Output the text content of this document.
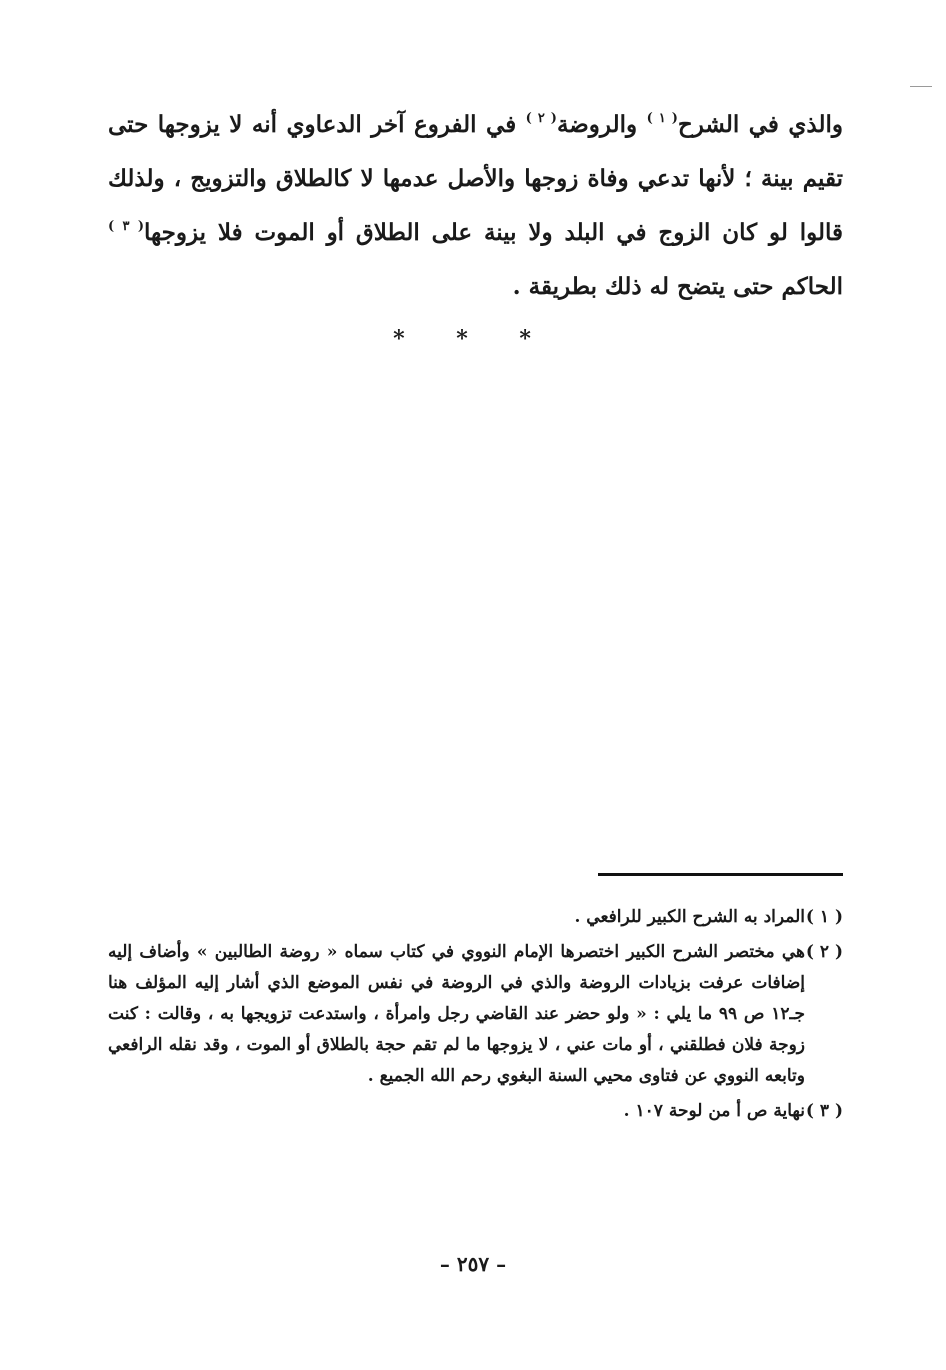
والذي في الشرح$^{( ١ )}$ والروضة$^{( ٢ )}$ في الفروع آخر الدعاوي أنه لا يزوجها حتى تقيم بينة ؛ لأنها تدعي وفاة زوجها والأصل عدمها لا كالطلاق والتزويج ، ولذلك قالوا لو كان الزوج في البلد ولا بينة على الطلاق أو الموت فلا يزوجها$^{( ٣ )}$ الحاكم حتى يتضح له ذلك بطريقة .

* * *
( ١ )المراد به الشرح الكبير للرافعي .
( ٢ )هي مختصر الشرح الكبير اختصرها الإمام النووي في كتاب سماه « روضة الطالبين » وأضاف إليه إضافات عرفت بزيادات الروضة والذي في الروضة في نفس الموضع الذي أشار إليه المؤلف هنا جـ١٢ ص ٩٩ ما يلي : « ولو حضر عند القاضي رجل وامرأة ، واستدعت تزويجها به ، وقالت : كنت زوجة فلان فطلقني ، أو مات عني ، لا يزوجها ما لم تقم حجة بالطلاق أو الموت ، وقد نقله الرافعي وتابعه النووي عن فتاوى محيي السنة البغوي رحم الله الجميع .
( ٣ )نهاية ص أ من لوحة ١٠٧ .
– ٢٥٧ –
